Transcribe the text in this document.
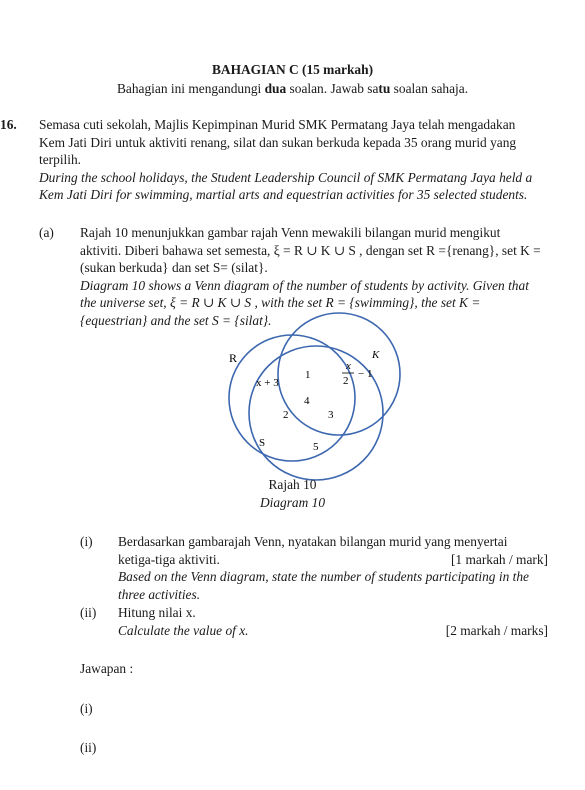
BAHAGIAN C (15 markah)
Bahagian ini mengandungi dua soalan. Jawab satu soalan sahaja.
16. Semasa cuti sekolah, Majlis Kepimpinan Murid SMK Permatang Jaya telah mengadakan
Kem Jati Diri untuk aktiviti renang, silat dan sukan berkuda kepada 35 orang murid yang
terpilih.
During the school holidays, the Student Leadership Council of SMK Permatang Jaya held a
Kem Jati Diri for swimming, martial arts and equestrian activities for 35 selected students.
(a) Rajah 10 menunjukkan gambar rajah Venn mewakili bilangan murid mengikut
aktiviti. Diberi bahawa set semesta, ξ = R ∪ K ∪ S , dengan set R ={renang}, set K =
(sukan berkuda} dan set S= (silat}.
Diagram 10 shows a Venn diagram of the number of students by activity. Given that
the universe set, ξ = R ∪ K ∪ S , with the set R = {swimming}, the set K =
{equestrian} and the set S = {silat}.
R	K
S
x + 3
1
x
2
− 1
4
2	3
5
Rajah 10
Diagram 10
(i) Berdasarkan gambarajah Venn, nyatakan bilangan murid yang menyertai
ketiga-tiga aktiviti.	[1 markah / mark]
Based on the Venn diagram, state the number of students participating in the
three activities.
(ii) Hitung nilai x.
Calculate the value of x.	[2 markah / marks]
Jawapan :
(i)
(ii)
